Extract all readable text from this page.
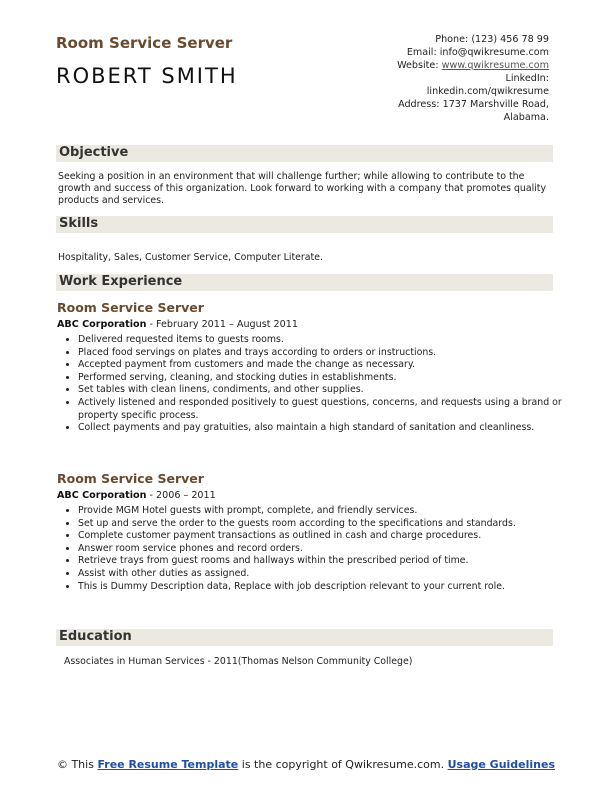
Room Service Server
ROBERT SMITH
Phone: (123) 456 78 99
Email: info@qwikresume.com
Website: www.qwikresume.com
LinkedIn:
linkedin.com/qwikresume
Address: 1737 Marshville Road,
Alabama.
Objective
Seeking a position in an environment that will challenge further; while allowing to contribute to the growth and success of this organization. Look forward to working with a company that promotes quality products and services.
Skills
Hospitality, Sales, Customer Service, Computer Literate.
Work Experience
Room Service Server
ABC Corporation - February 2011 – August 2011
• Delivered requested items to guests rooms.
• Placed food servings on plates and trays according to orders or instructions.
• Accepted payment from customers and made the change as necessary.
• Performed serving, cleaning, and stocking duties in establishments.
• Set tables with clean linens, condiments, and other supplies.
• Actively listened and responded positively to guest questions, concerns, and requests using a brand or property specific process.
• Collect payments and pay gratuities, also maintain a high standard of sanitation and cleanliness.
Room Service Server
ABC Corporation - 2006 – 2011
• Provide MGM Hotel guests with prompt, complete, and friendly services.
• Set up and serve the order to the guests room according to the specifications and standards.
• Complete customer payment transactions as outlined in cash and charge procedures.
• Answer room service phones and record orders.
• Retrieve trays from guest rooms and hallways within the prescribed period of time.
• Assist with other duties as assigned.
• This is Dummy Description data, Replace with job description relevant to your current role.
Education
Associates in Human Services - 2011(Thomas Nelson Community College)
© This Free Resume Template is the copyright of Qwikresume.com. Usage Guidelines
